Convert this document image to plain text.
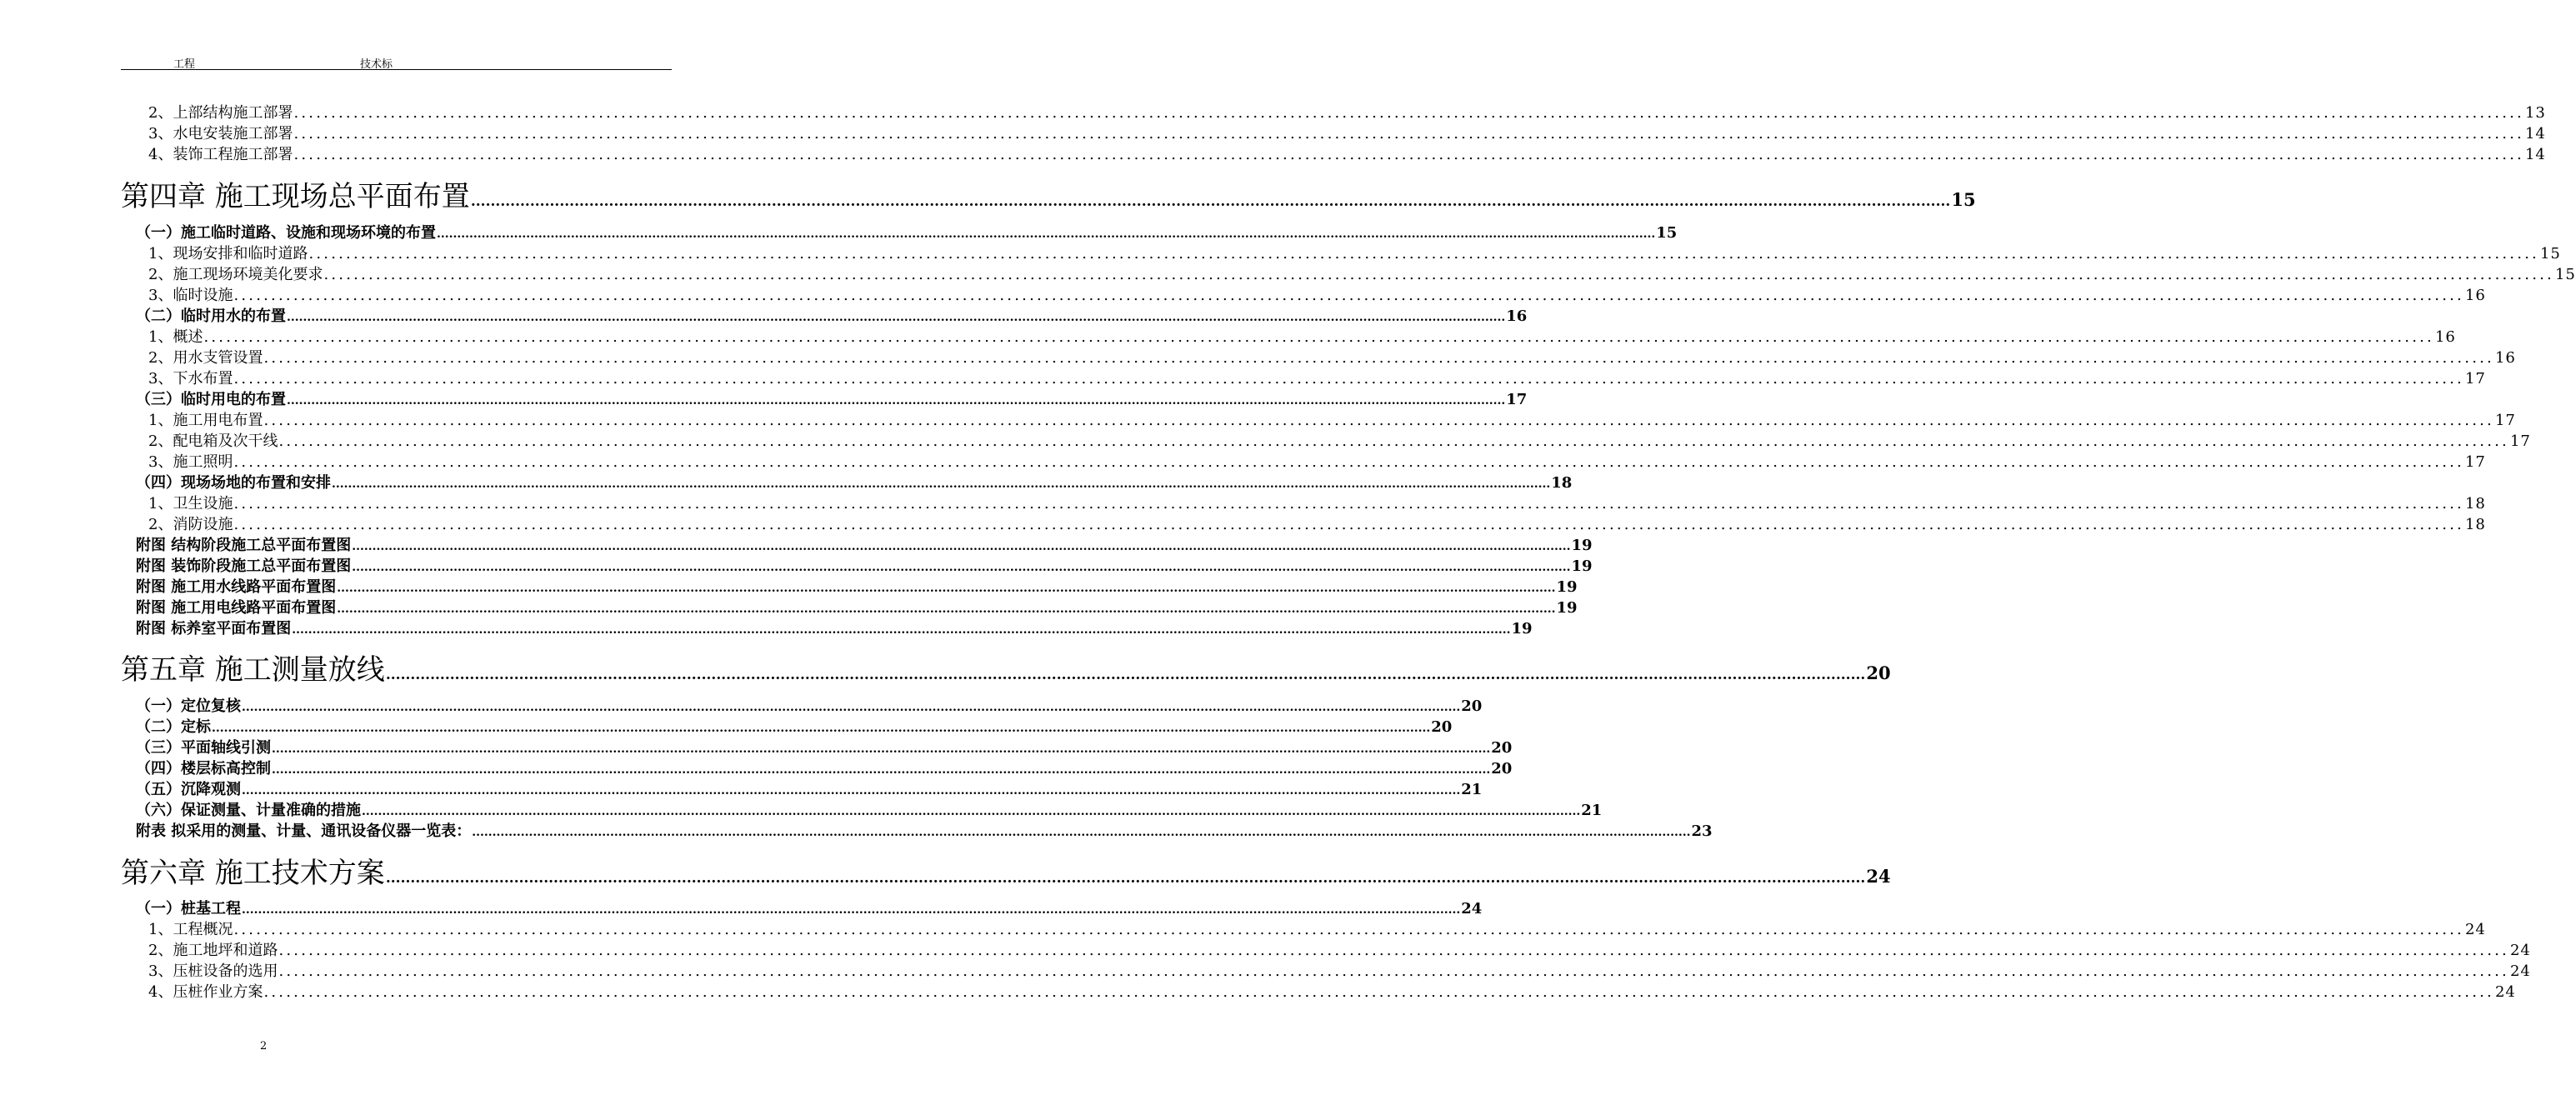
工程	技术标
2、上部结构施工部署 ............................................................................................................................................................................................................................................................................................................ 13
3、水电安装施工部署 ............................................................................................................................................................................................................................................................................................................ 14
4、装饰工程施工部署 ............................................................................................................................................................................................................................................................................................................ 14
第四章 施工现场总平面布置 ............................................................................................................................................................................................................................................................................................................ 15
（一）施工临时道路、设施和现场环境的布置 ............................................................................................................................................................................................................................................................................................................ 15
1、现场安排和临时道路 ............................................................................................................................................................................................................................................................................................................ 15
2、施工现场环境美化要求 ............................................................................................................................................................................................................................................................................................................ 15
3、临时设施 ............................................................................................................................................................................................................................................................................................................ 16
（二）临时用水的布置 ............................................................................................................................................................................................................................................................................................................ 16
1、概述 ............................................................................................................................................................................................................................................................................................................ 16
2、用水支管设置 ............................................................................................................................................................................................................................................................................................................ 16
3、下水布置 ............................................................................................................................................................................................................................................................................................................ 17
（三）临时用电的布置 ............................................................................................................................................................................................................................................................................................................ 17
1、施工用电布置 ............................................................................................................................................................................................................................................................................................................ 17
2、配电箱及次干线 ............................................................................................................................................................................................................................................................................................................ 17
3、施工照明 ............................................................................................................................................................................................................................................................................................................ 17
（四）现场场地的布置和安排 ............................................................................................................................................................................................................................................................................................................ 18
1、卫生设施 ............................................................................................................................................................................................................................................................................................................ 18
2、消防设施 ............................................................................................................................................................................................................................................................................................................ 18
附图 结构阶段施工总平面布置图 ............................................................................................................................................................................................................................................................................................................ 19
附图 装饰阶段施工总平面布置图 ............................................................................................................................................................................................................................................................................................................ 19
附图 施工用水线路平面布置图 ............................................................................................................................................................................................................................................................................................................ 19
附图 施工用电线路平面布置图 ............................................................................................................................................................................................................................................................................................................ 19
附图 标养室平面布置图 ............................................................................................................................................................................................................................................................................................................ 19
第五章 施工测量放线 ............................................................................................................................................................................................................................................................................................................ 20
（一）定位复核 ............................................................................................................................................................................................................................................................................................................ 20
（二）定标 ............................................................................................................................................................................................................................................................................................................ 20
（三）平面轴线引测 ............................................................................................................................................................................................................................................................................................................ 20
（四）楼层标高控制 ............................................................................................................................................................................................................................................................................................................ 20
（五）沉降观测 ............................................................................................................................................................................................................................................................................................................ 21
（六）保证测量、计量准确的措施 ............................................................................................................................................................................................................................................................................................................ 21
附表 拟采用的测量、计量、通讯设备仪器一览表： ............................................................................................................................................................................................................................................................................................................ 23
第六章 施工技术方案 ............................................................................................................................................................................................................................................................................................................ 24
（一）桩基工程 ............................................................................................................................................................................................................................................................................................................ 24
1、工程概况 ............................................................................................................................................................................................................................................................................................................ 24
2、施工地坪和道路 ............................................................................................................................................................................................................................................................................................................ 24
3、压桩设备的选用 ............................................................................................................................................................................................................................................................................................................ 24
4、压桩作业方案 ............................................................................................................................................................................................................................................................................................................ 24
2
